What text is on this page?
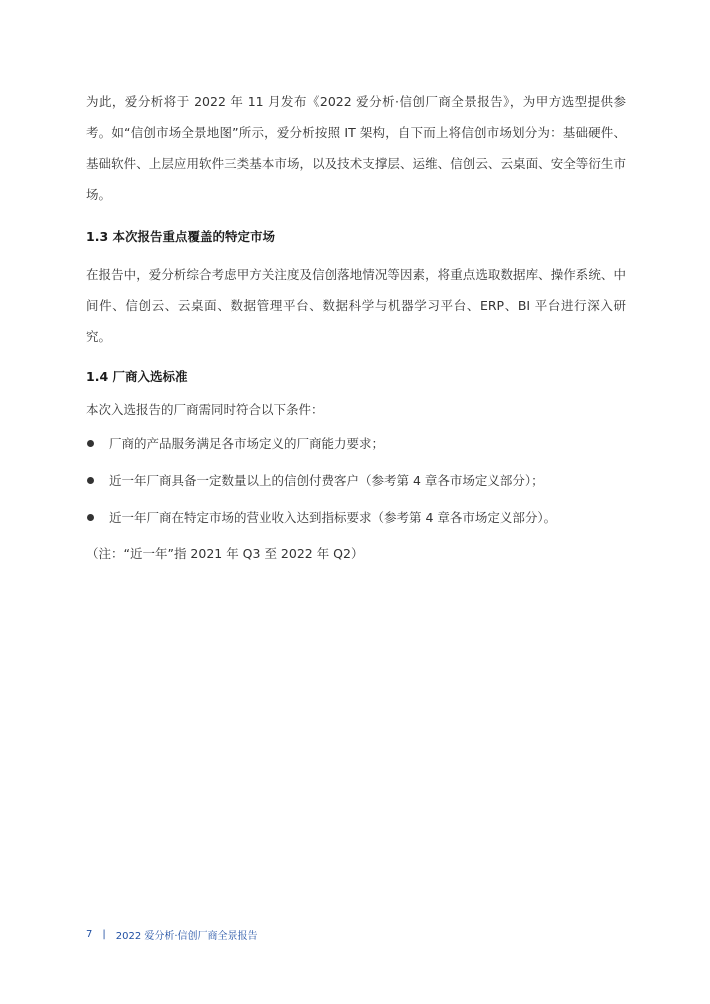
为此，爱分析将于 2022 年 11 月发布《2022 爱分析·信创厂商全景报告》，为甲方选型提供参考。如“信创市场全景地图”所示，爱分析按照 IT 架构，自下而上将信创市场划分为：基础硬件、基础软件、上层应用软件三类基本市场，以及技术支撑层、运维、信创云、云桌面、安全等衍生市场。

1.3 本次报告重点覆盖的特定市场

在报告中，爱分析综合考虑甲方关注度及信创落地情况等因素，将重点选取数据库、操作系统、中间件、信创云、云桌面、数据管理平台、数据科学与机器学习平台、ERP、BI 平台进行深入研究。

1.4 厂商入选标准

本次入选报告的厂商需同时符合以下条件：

厂商的产品服务满足各市场定义的厂商能力要求；
近一年厂商具备一定数量以上的信创付费客户（参考第 4 章各市场定义部分）；
近一年厂商在特定市场的营业收入达到指标要求（参考第 4 章各市场定义部分）。

（注：“近一年”指 2021 年 Q3 至 2022 年 Q2）

7 | 2022 爱分析·信创厂商全景报告
